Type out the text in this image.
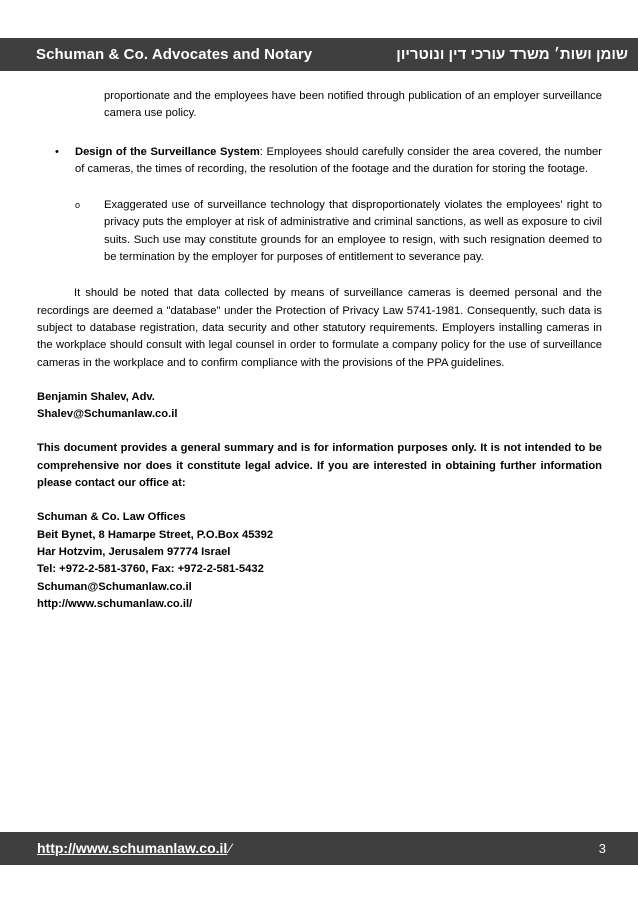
Schuman & Co. Advocates and Notary	שומן ושות׳ משרד עורכי דין ונוטריון

proportionate and the employees have been notified through publication of an employer surveillance camera use policy.

• Design of the Surveillance System: Employees should carefully consider the area covered, the number of cameras, the times of recording, the resolution of the footage and the duration for storing the footage.

o Exaggerated use of surveillance technology that disproportionately violates the employees' right to privacy puts the employer at risk of administrative and criminal sanctions, as well as exposure to civil suits. Such use may constitute grounds for an employee to resign, with such resignation deemed to be termination by the employer for purposes of entitlement to severance pay.

It should be noted that data collected by means of surveillance cameras is deemed personal and the recordings are deemed a "database" under the Protection of Privacy Law 5741-1981. Consequently, such data is subject to database registration, data security and other statutory requirements. Employers installing cameras in the workplace should consult with legal counsel in order to formulate a company policy for the use of surveillance cameras in the workplace and to confirm compliance with the provisions of the PPA guidelines.

Benjamin Shalev, Adv.
Shalev@Schumanlaw.co.il

This document provides a general summary and is for information purposes only. It is not intended to be comprehensive nor does it constitute legal advice. If you are interested in obtaining further information please contact our office at:

Schuman & Co. Law Offices
Beit Bynet, 8 Hamarpe Street, P.O.Box 45392
Har Hotzvim, Jerusalem 97774 Israel
Tel: +972-2-581-3760, Fax: +972-2-581-5432
Schuman@Schumanlaw.co.il
http://www.schumanlaw.co.il/
http://www.schumanlaw.co.il ⁄	3
